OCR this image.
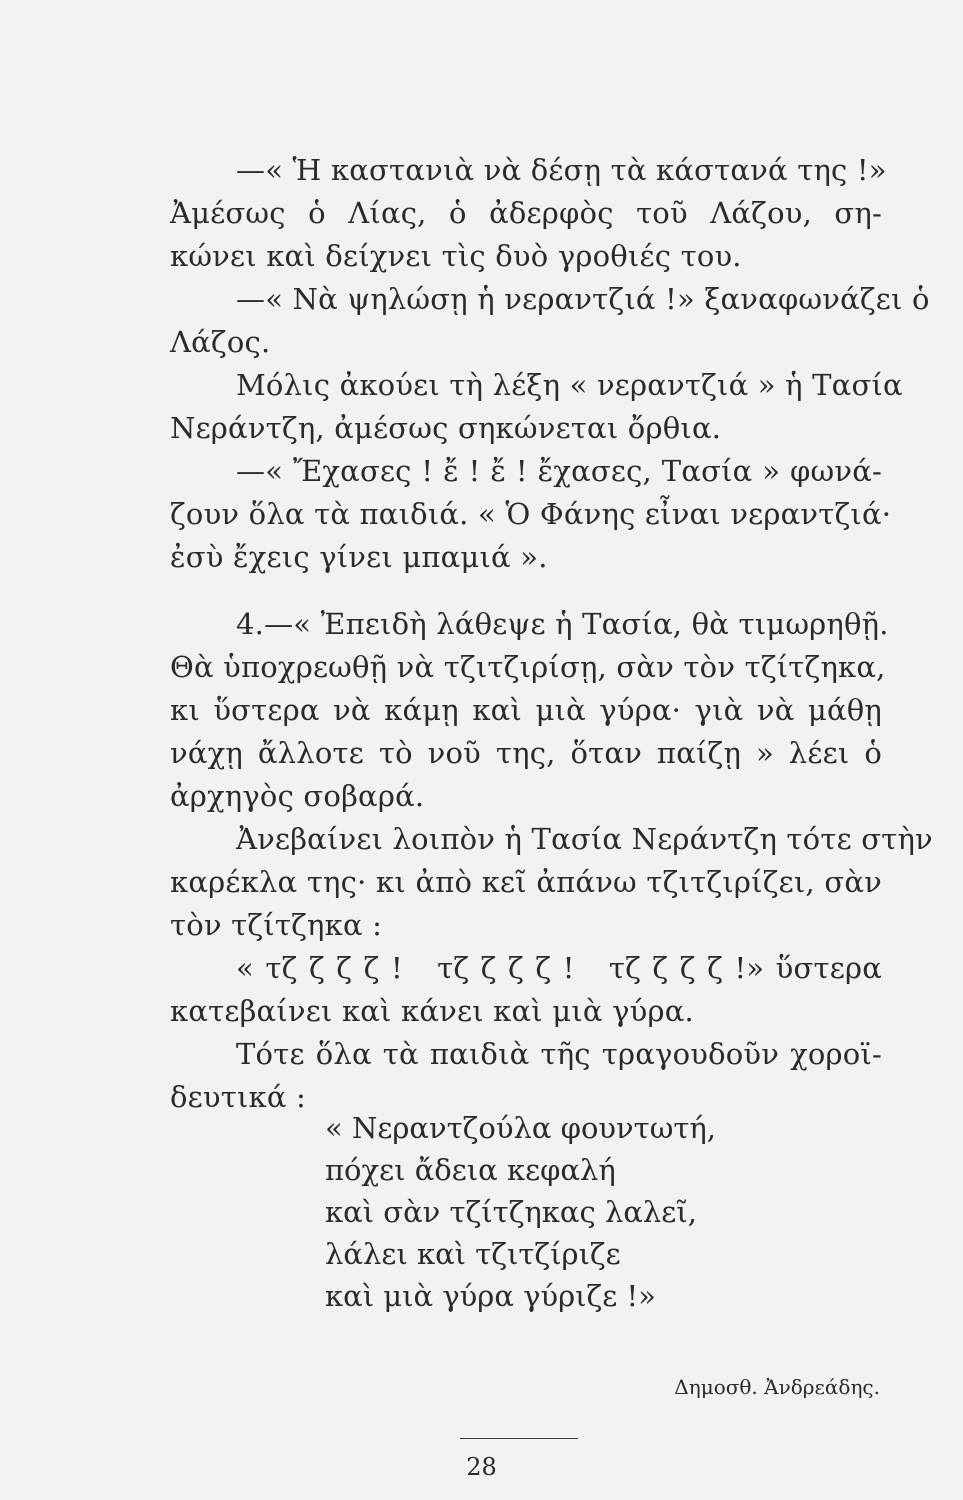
—« Ἡ καστανιὰ νὰ δέσῃ τὰ κάστανά της !»
Ἀμέσως ὁ Λίας, ὁ ἀδερφὸς τοῦ Λάζου, ση-
κώνει καὶ δείχνει τὶς δυὸ γροθιές του.
—« Νὰ ψηλώσῃ ἡ νεραντζιά !» ξαναφωνάζει ὁ
Λάζος.
Μόλις ἀκούει τὴ λέξη « νεραντζιά » ἡ Τασία
Νεράντζη, ἀμέσως σηκώνεται ὄρθια.
—« Ἔχασες ! ἔ ! ἔ ! ἔχασες, Τασία » φωνά-
ζουν ὅλα τὰ παιδιά. « Ὁ Φάνης εἶναι νεραντζιά·
ἐσὺ ἔχεις γίνει μπαμιά ».
4.—« Ἐπειδὴ λάθεψε ἡ Τασία, θὰ τιμωρηθῇ.
Θὰ ὑποχρεωθῇ νὰ τζιτζιρίσῃ, σὰν τὸν τζίτζηκα,
κι ὕστερα νὰ κάμῃ καὶ μιὰ γύρα· γιὰ νὰ μάθῃ
νάχῃ ἄλλοτε τὸ νοῦ της, ὅταν παίζῃ » λέει ὁ
ἀρχηγὸς σοβαρά.
Ἀνεβαίνει λοιπὸν ἡ Τασία Νεράντζη τότε στὴν
καρέκλα της· κι ἀπὸ κεῖ ἀπάνω τζιτζιρίζει, σὰν
τὸν τζίτζηκα :
« τζ ζ ζ ζ !   τζ ζ ζ ζ !   τζ ζ ζ ζ !» ὕστερα
κατεβαίνει καὶ κάνει καὶ μιὰ γύρα.
Τότε ὅλα τὰ παιδιὰ τῆς τραγουδοῦν χοροϊ-
δευτικά :
« Νεραντζούλα φουντωτή,
πόχει ἄδεια κεφαλή
καὶ σὰν τζίτζηκας λαλεῖ,
λάλει καὶ τζιτζίριζε
καὶ μιὰ γύρα γύριζε !»
Δημοσθ. Ἀνδρεάδης.
28
